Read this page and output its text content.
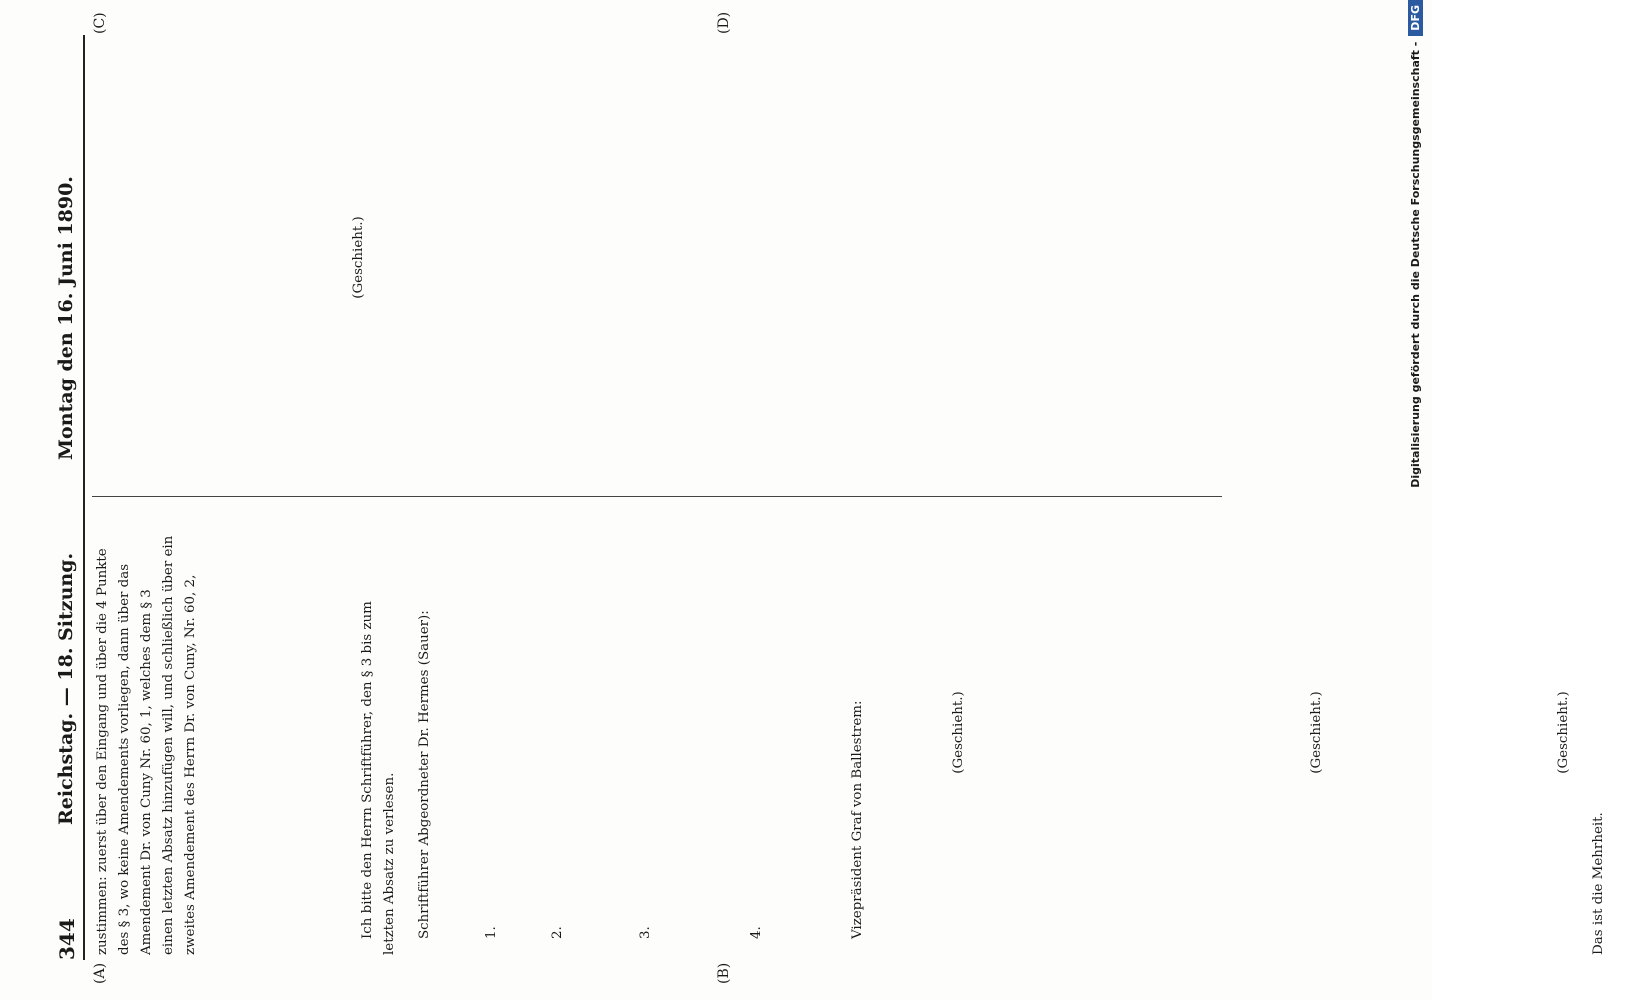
344
Reichstag. — 18. Sitzung.
Montag den 16. Juni 1890.
(A)	(B)
(C)	(D)
zustimmen: zuerst über den Eingang und über die 4 Punkte des § 3, wo keine Amendements vorliegen, dann über das Amendement Dr. von Cuny Nr. 60, 1, welches dem § 3 einen letzten Absatz hinzufügen will, und schließlich über ein zweites Amendement des Herrn Dr. von Cuny, Nr. 60, 2,	Ich bitte den Herrn Schriftführer, den § 3 bis zum letzten Absatz zu verlesen.	Schriftführer Abgeordneter Dr. Hermes (Sauer):	1.	2.	3.	4.	Vizepräsident Graf von Ballestrem:	(Geschieht.)	(Geschieht.)	(Geschieht.)
Das ist die Mehrheit.
(Geschieht.)	Digitalisierung gefördert durch die Deutsche Forschungsgemeinschaft -DFG
